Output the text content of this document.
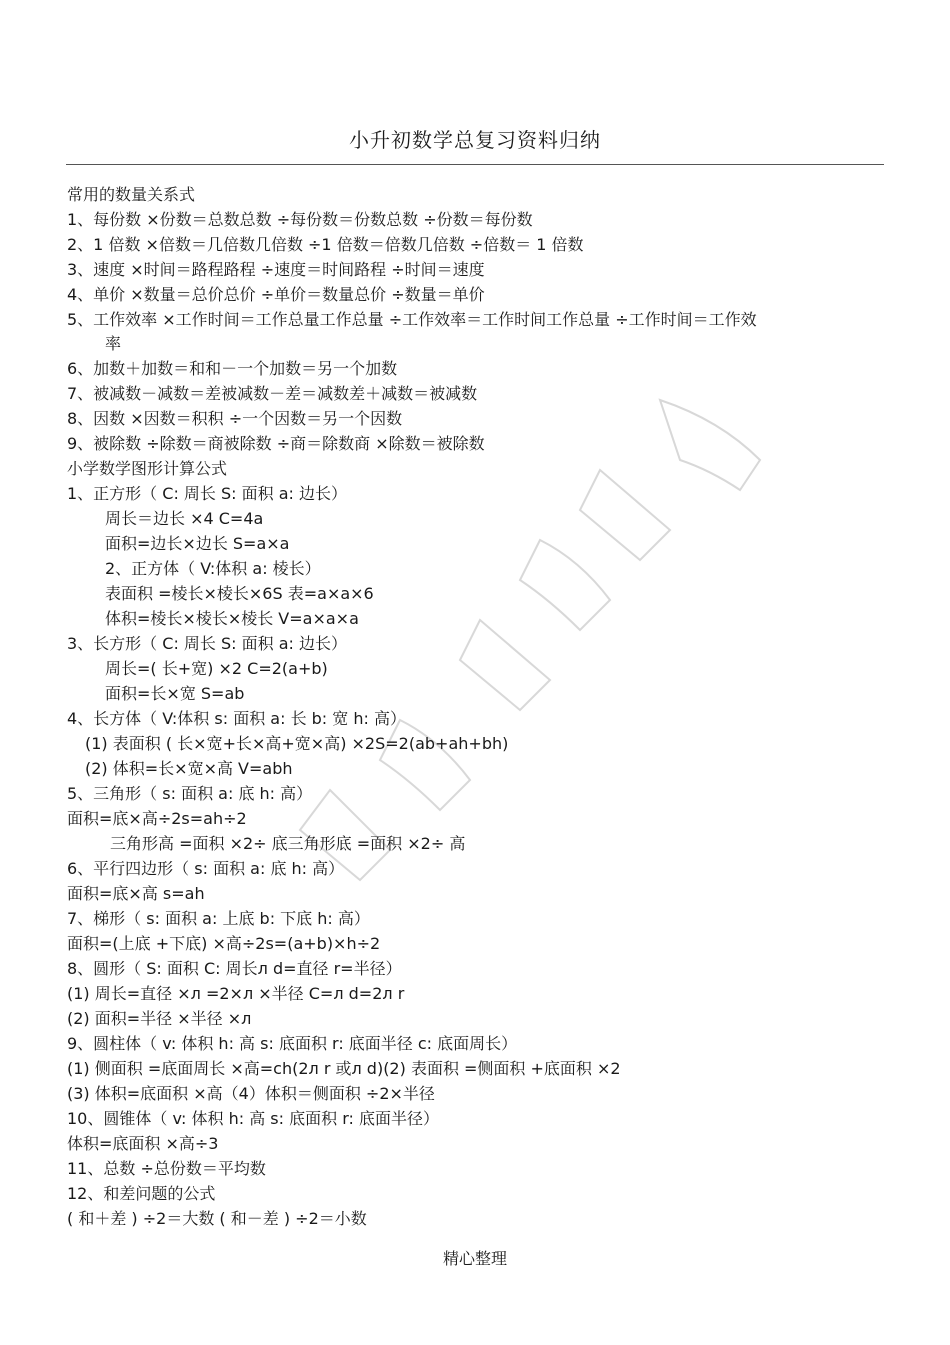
小升初数学总复习资料归纳
常用的数量关系式
1、每份数 ×份数＝总数总数 ÷每份数＝份数总数 ÷份数＝每份数
2、1 倍数 ×倍数＝几倍数几倍数 ÷1 倍数＝倍数几倍数 ÷倍数＝ 1 倍数
3、速度 ×时间＝路程路程 ÷速度＝时间路程 ÷时间＝速度
4、单价 ×数量＝总价总价 ÷单价＝数量总价 ÷数量＝单价
5、工作效率 ×工作时间＝工作总量工作总量 ÷工作效率＝工作时间工作总量 ÷工作时间＝工作效
率
6、加数＋加数＝和和－一个加数＝另一个加数
7、被减数－减数＝差被减数－差＝减数差＋减数＝被减数
8、因数 ×因数＝积积 ÷一个因数＝另一个因数
9、被除数 ÷除数＝商被除数 ÷商＝除数商 ×除数＝被除数
小学数学图形计算公式
1、正方形（ C: 周长 S: 面积 a: 边长）
周长＝边长 ×4 C=4a
面积=边长×边长 S=a×a
2、正方体（ V:体积 a: 棱长）
表面积 =棱长×棱长×6S 表=a×a×6
体积=棱长×棱长×棱长 V=a×a×a
3、长方形（ C: 周长 S: 面积 a: 边长）
周长=( 长+宽) ×2 C=2(a+b)
面积=长×宽 S=ab
4、长方体（ V:体积 s: 面积 a: 长 b: 宽 h: 高）
(1) 表面积 ( 长×宽+长×高+宽×高) ×2S=2(ab+ah+bh)
(2) 体积=长×宽×高 V=abh
5、三角形（ s: 面积 a: 底 h: 高）
面积=底×高÷2s=ah÷2
三角形高 =面积 ×2÷ 底三角形底 =面积 ×2÷ 高
6、平行四边形（ s: 面积 a: 底 h: 高）
面积=底×高 s=ah
7、梯形（ s: 面积 a: 上底 b: 下底 h: 高）
面积=(上底 +下底) ×高÷2s=(a+b)×h÷2
8、圆形（ S: 面积 C: 周长л d=直径 r=半径）
(1) 周长=直径 ×л =2×л ×半径 C=л d=2л r
(2) 面积=半径 ×半径 ×л
9、圆柱体（ v: 体积 h: 高 s: 底面积 r: 底面半径 c: 底面周长）
(1) 侧面积 =底面周长 ×高=ch(2л r 或л d)(2) 表面积 =侧面积 +底面积 ×2
(3) 体积=底面积 ×高（4）体积＝侧面积 ÷2×半径
10、圆锥体（ v: 体积 h: 高 s: 底面积 r: 底面半径）
体积=底面积 ×高÷3
11、总数 ÷总份数＝平均数
12、和差问题的公式
( 和＋差 ) ÷2＝大数 ( 和－差 ) ÷2＝小数
精心整理
